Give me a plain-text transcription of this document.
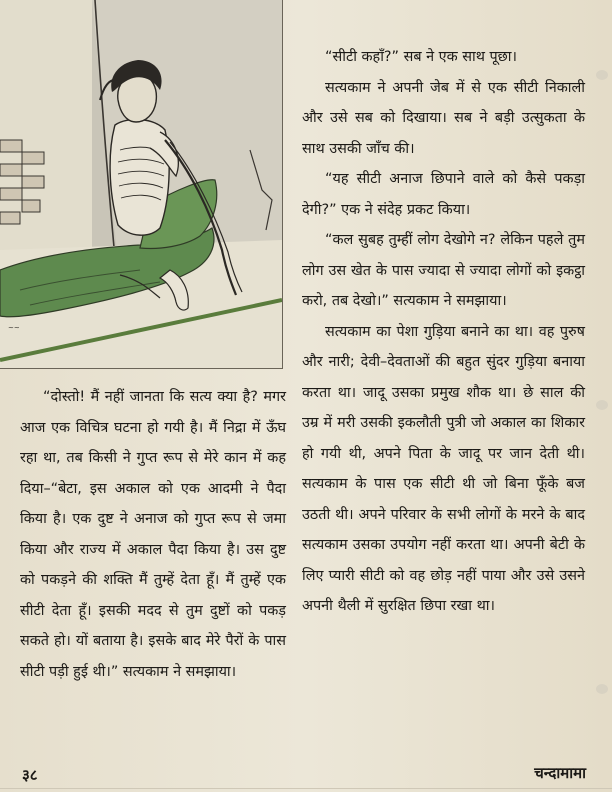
~~

“सीटी कहाँ?” सब ने एक साथ पूछा।

सत्यकाम ने अपनी जेब में से एक सीटी निकाली और उसे सब को दिखाया। सब ने बड़ी उत्सुकता के साथ उसकी जाँच की।

“यह सीटी अनाज छिपाने वाले को कैसे पकड़ा देगी?” एक ने संदेह प्रकट किया।

“कल सुबह तुम्हीं लोग देखोगे न? लेकिन पहले तुम लोग उस खेत के पास ज्यादा से ज्यादा लोगों को इकट्ठा करो, तब देखो।” सत्यकाम ने समझाया।

सत्यकाम का पेशा गुड़िया बनाने का था। वह पुरुष और नारी; देवी–देवताओं की बहुत सुंदर गुड़िया बनाया करता था। जादू उसका प्रमुख शौक था। छे साल की उम्र में मरी उसकी इकलौती पुत्री जो अकाल का शिकार हो गयी थी, अपने पिता के जादू पर जान देती थी। सत्यकाम के पास एक सीटी थी जो बिना फूँके बज उठती थी। अपने परिवार के सभी लोगों के मरने के बाद सत्यकाम उसका उपयोग नहीं करता था। अपनी बेटी के लिए प्यारी सीटी को वह छोड़ नहीं पाया और उसे उसने अपनी थैली में सुरक्षित छिपा रखा था।

“दोस्तो! मैं नहीं जानता कि सत्य क्या है? मगर आज एक विचित्र घटना हो गयी है। मैं निद्रा में ऊँघ रहा था, तब किसी ने गुप्त रूप से मेरे कान में कह दिया–“बेटा, इस अकाल को एक आदमी ने पैदा किया है। एक दुष्ट ने अनाज को गुप्त रूप से जमा किया और राज्य में अकाल पैदा किया है। उस दुष्ट को पकड़ने की शक्ति मैं तुम्हें देता हूँ। मैं तुम्हें एक सीटी देता हूँ। इसकी मदद से तुम दुष्टों को पकड़ सकते हो। यों बताया है। इसके बाद मेरे पैरों के पास सीटी पड़ी हुई थी।” सत्यकाम ने समझाया।

३८	चन्दामामा
